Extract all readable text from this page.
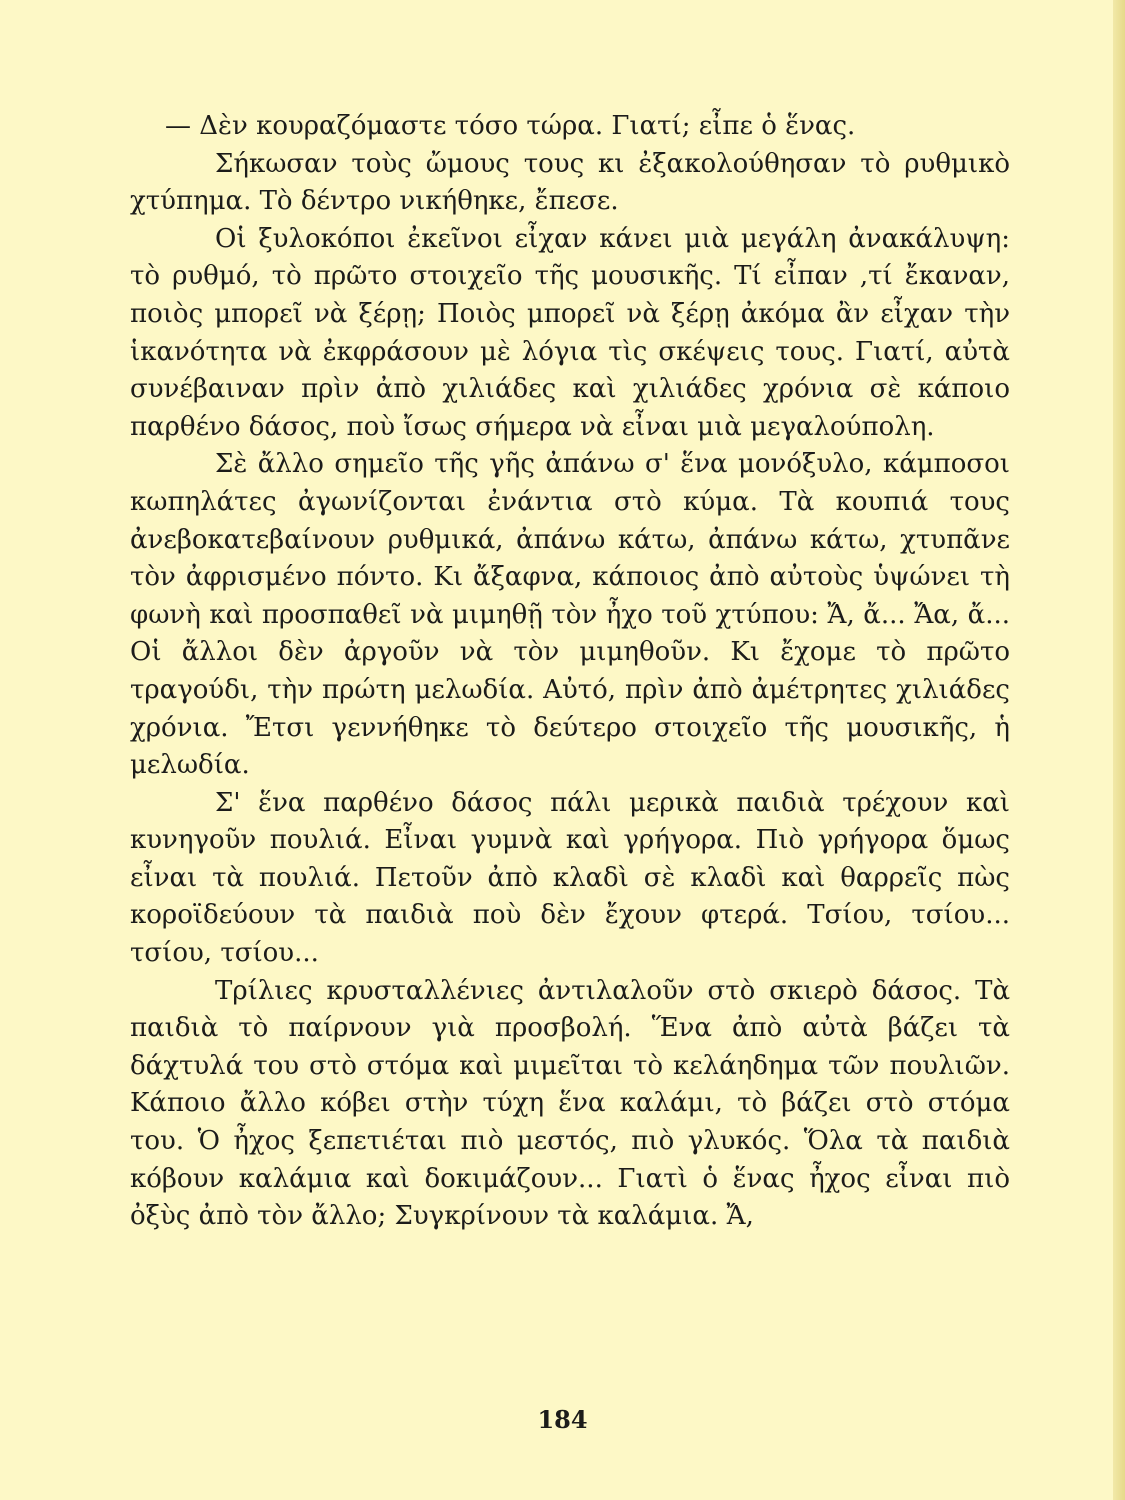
— Δὲν κουραζόμαστε τόσο τώρα. Γιατί; εἶπε ὁ ἕνας.

Σήκωσαν τοὺς ὤμους τους κι ἐξακολούθησαν τὸ ρυθμικὸ χτύπημα. Τὸ δέντρο νικήθηκε, ἔπεσε.

Οἱ ξυλοκόποι ἐκεῖνοι εἶχαν κάνει μιὰ μεγάλη ἀνακάλυψη: τὸ ρυθμό, τὸ πρῶτο στοιχεῖο τῆς μουσικῆς. Τί εἶπαν ,τί ἔκαναν, ποιὸς μπορεῖ νὰ ξέρῃ; Ποιὸς μπορεῖ νὰ ξέρῃ ἀκόμα ἂν εἶχαν τὴν ἱκανότητα νὰ ἐκφράσουν μὲ λόγια τὶς σκέψεις τους. Γιατί, αὐτὰ συνέβαιναν πρὶν ἀπὸ χιλιάδες καὶ χιλιάδες χρόνια σὲ κάποιο παρθένο δάσος, ποὺ ἴσως σήμερα νὰ εἶναι μιὰ μεγαλούπολη.

Σὲ ἄλλο σημεῖο τῆς γῆς ἀπάνω σ' ἕνα μονόξυλο, κάμποσοι κωπηλάτες ἀγωνίζονται ἐνάντια στὸ κύμα. Τὰ κουπιά τους ἀνεβοκατεβαίνουν ρυθμικά, ἀπάνω κάτω, ἀπάνω κάτω, χτυπᾶνε τὸν ἀφρισμένο πόντο. Κι ἄξαφνα, κάποιος ἀπὸ αὐτοὺς ὑψώνει τὴ φωνὴ καὶ προσπαθεῖ νὰ μιμηθῇ τὸν ἦχο τοῦ χτύπου: Ἄ, ἄ... Ἄα, ἄ... Οἱ ἄλλοι δὲν ἀργοῦν νὰ τὸν μιμηθοῦν. Κι ἔχομε τὸ πρῶτο τραγούδι, τὴν πρώτη μελωδία. Αὐτό, πρὶν ἀπὸ ἀμέτρητες χιλιάδες χρόνια. Ἔτσι γεννήθηκε τὸ δεύτερο στοιχεῖο τῆς μουσικῆς, ἡ μελωδία.

Σ' ἕνα παρθένο δάσος πάλι μερικὰ παιδιὰ τρέχουν καὶ κυνηγοῦν πουλιά. Εἶναι γυμνὰ καὶ γρήγορα. Πιὸ γρήγορα ὅμως εἶναι τὰ πουλιά. Πετοῦν ἀπὸ κλαδὶ σὲ κλαδὶ καὶ θαρρεῖς πὼς κοροϊδεύουν τὰ παιδιὰ ποὺ δὲν ἔχουν φτερά. Τσίου, τσίου... τσίου, τσίου...

Τρίλιες κρυσταλλένιες ἀντιλαλοῦν στὸ σκιερὸ δάσος. Τὰ παιδιὰ τὸ παίρνουν γιὰ προσβολή. Ἕνα ἀπὸ αὐτὰ βάζει τὰ δάχτυλά του στὸ στόμα καὶ μιμεῖται τὸ κελάηδημα τῶν πουλιῶν. Κάποιο ἄλλο κόβει στὴν τύχη ἕνα καλάμι, τὸ βάζει στὸ στόμα του. Ὁ ἦχος ξεπετιέται πιὸ μεστός, πιὸ γλυκός. Ὅλα τὰ παιδιὰ κόβουν καλάμια καὶ δοκιμάζουν... Γιατὶ ὁ ἕνας ἦχος εἶναι πιὸ ὀξὺς ἀπὸ τὸν ἄλλο; Συγκρίνουν τὰ καλάμια. Ἄ,

184
